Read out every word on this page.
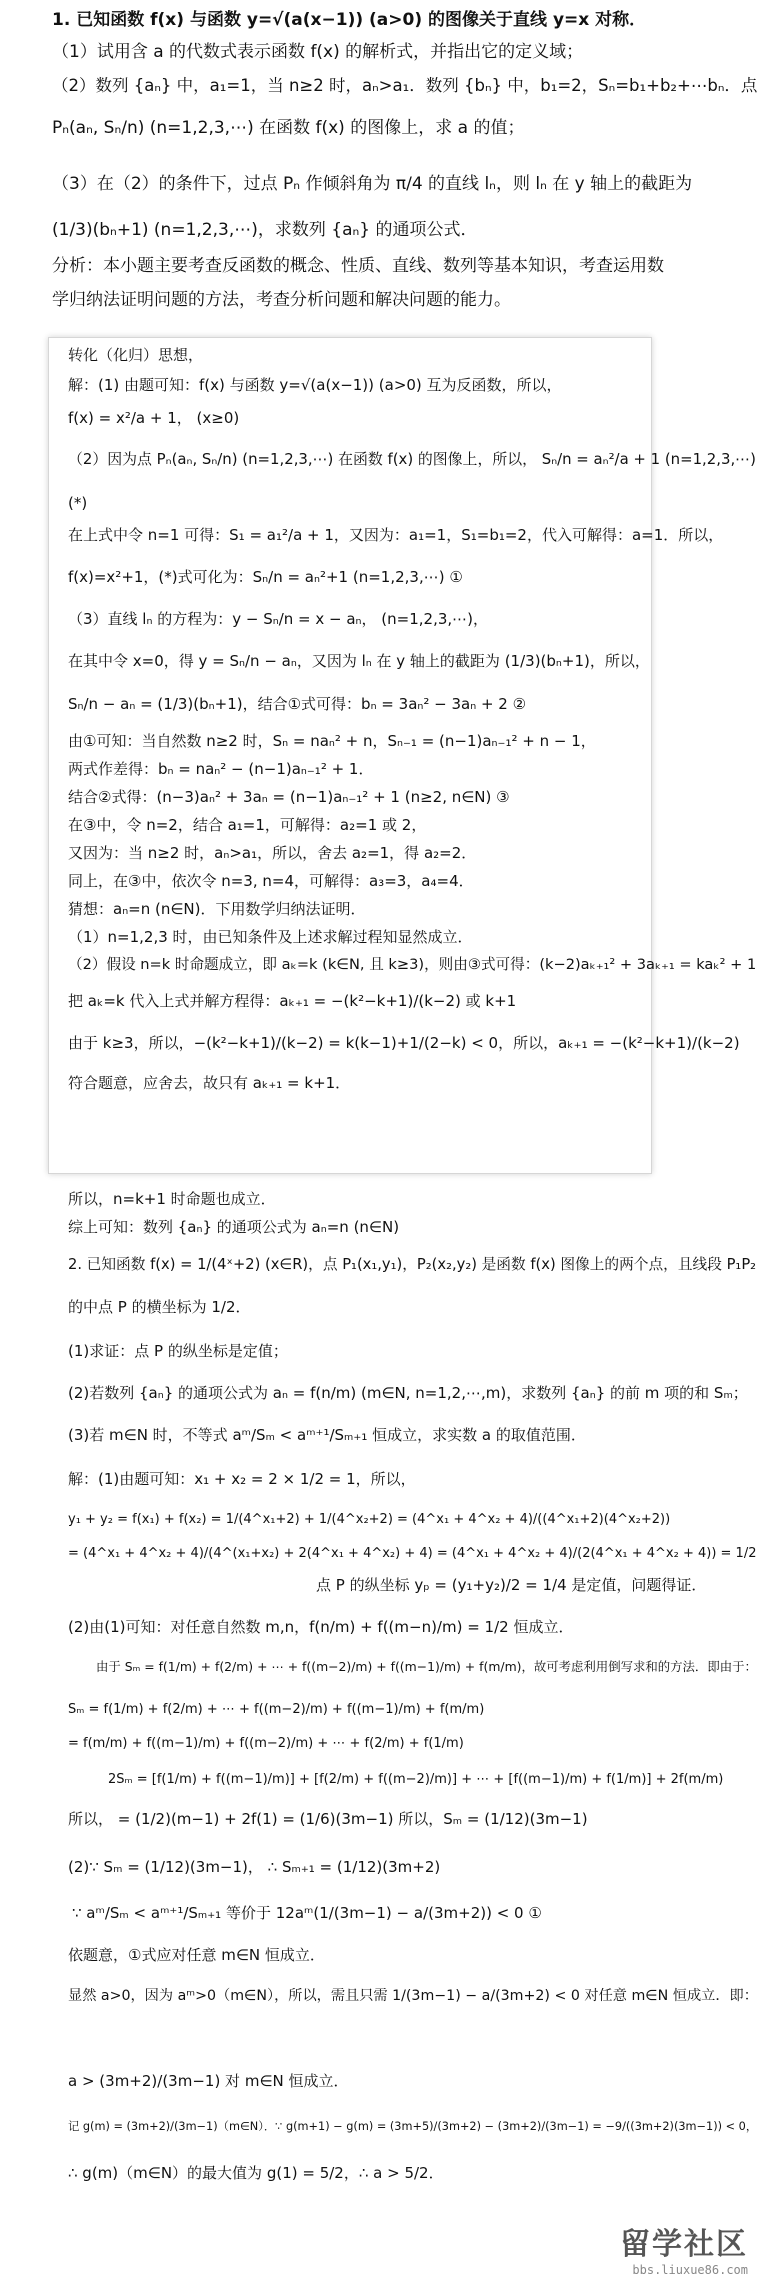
1. 已知函数 f(x) 与函数 y=√(a(x−1)) (a>0) 的图像关于直线 y=x 对称．
（1）试用含 a 的代数式表示函数 f(x) 的解析式，并指出它的定义域；
（2）数列 {aₙ} 中，a₁=1，当 n≥2 时，aₙ>a₁．数列 {bₙ} 中，b₁=2，Sₙ=b₁+b₂+⋯bₙ．点
Pₙ(aₙ, Sₙ/n) (n=1,2,3,⋯) 在函数 f(x) 的图像上，求 a 的值；
（3）在（2）的条件下，过点 Pₙ 作倾斜角为 π/4 的直线 lₙ，则 lₙ 在 y 轴上的截距为
(1/3)(bₙ+1) (n=1,2,3,⋯)，求数列 {aₙ} 的通项公式．
分析：本小题主要考查反函数的概念、性质、直线、数列等基本知识，考查运用数
学归纳法证明问题的方法，考查分析问题和解决问题的能力。
转化（化归）思想，
解：(1) 由题可知：f(x) 与函数 y=√(a(x−1)) (a>0) 互为反函数，所以，
f(x) = x²/a + 1， (x≥0)
（2）因为点 Pₙ(aₙ, Sₙ/n) (n=1,2,3,⋯) 在函数 f(x) 的图像上，所以， Sₙ/n = aₙ²/a + 1 (n=1,2,3,⋯)
(*)
在上式中令 n=1 可得：S₁ = a₁²/a + 1，又因为：a₁=1，S₁=b₁=2，代入可解得：a=1．所以，
f(x)=x²+1，(*)式可化为：Sₙ/n = aₙ²+1 (n=1,2,3,⋯) ①
（3）直线 lₙ 的方程为：y − Sₙ/n = x − aₙ， (n=1,2,3,⋯)，
在其中令 x=0，得 y = Sₙ/n − aₙ，又因为 lₙ 在 y 轴上的截距为 (1/3)(bₙ+1)，所以，
Sₙ/n − aₙ = (1/3)(bₙ+1)，结合①式可得：bₙ = 3aₙ² − 3aₙ + 2 ②
由①可知：当自然数 n≥2 时，Sₙ = naₙ² + n，Sₙ₋₁ = (n−1)aₙ₋₁² + n − 1，
两式作差得：bₙ = naₙ² − (n−1)aₙ₋₁² + 1．
结合②式得：(n−3)aₙ² + 3aₙ = (n−1)aₙ₋₁² + 1 (n≥2, n∈N) ③
在③中，令 n=2，结合 a₁=1，可解得：a₂=1 或 2，
又因为：当 n≥2 时，aₙ>a₁，所以，舍去 a₂=1，得 a₂=2．
同上，在③中，依次令 n=3, n=4，可解得：a₃=3，a₄=4．
猜想：aₙ=n (n∈N)．下用数学归纳法证明．
（1）n=1,2,3 时，由已知条件及上述求解过程知显然成立．
（2）假设 n=k 时命题成立，即 aₖ=k (k∈N, 且 k≥3)，则由③式可得：(k−2)aₖ₊₁² + 3aₖ₊₁ = kaₖ² + 1
把 aₖ=k 代入上式并解方程得：aₖ₊₁ = −(k²−k+1)/(k−2) 或 k+1
由于 k≥3，所以，−(k²−k+1)/(k−2) = k(k−1)+1/(2−k) < 0，所以，aₖ₊₁ = −(k²−k+1)/(k−2)
符合题意，应舍去，故只有 aₖ₊₁ = k+1．
所以，n=k+1 时命题也成立．
综上可知：数列 {aₙ} 的通项公式为 aₙ=n (n∈N)
2. 已知函数 f(x) = 1/(4ˣ+2) (x∈R)，点 P₁(x₁,y₁)，P₂(x₂,y₂) 是函数 f(x) 图像上的两个点，且线段 P₁P₂
的中点 P 的横坐标为 1/2．
(1)求证：点 P 的纵坐标是定值；
(2)若数列 {aₙ} 的通项公式为 aₙ = f(n/m) (m∈N, n=1,2,⋯,m)，求数列 {aₙ} 的前 m 项的和 Sₘ；
(3)若 m∈N 时，不等式 aᵐ/Sₘ < aᵐ⁺¹/Sₘ₊₁ 恒成立，求实数 a 的取值范围．
解：(1)由题可知：x₁ + x₂ = 2 × 1/2 = 1，所以，
y₁ + y₂ = f(x₁) + f(x₂) = 1/(4^x₁+2) + 1/(4^x₂+2) = (4^x₁ + 4^x₂ + 4)/((4^x₁+2)(4^x₂+2))
= (4^x₁ + 4^x₂ + 4)/(4^(x₁+x₂) + 2(4^x₁ + 4^x₂) + 4) = (4^x₁ + 4^x₂ + 4)/(2(4^x₁ + 4^x₂ + 4)) = 1/2
点 P 的纵坐标 yₚ = (y₁+y₂)/2 = 1/4 是定值，问题得证．
(2)由(1)可知：对任意自然数 m,n，f(n/m) + f((m−n)/m) = 1/2 恒成立．
由于 Sₘ = f(1/m) + f(2/m) + ⋯ + f((m−2)/m) + f((m−1)/m) + f(m/m)，故可考虑利用倒写求和的方法．即由于：
Sₘ = f(1/m) + f(2/m) + ⋯ + f((m−2)/m) + f((m−1)/m) + f(m/m)
= f(m/m) + f((m−1)/m) + f((m−2)/m) + ⋯ + f(2/m) + f(1/m)
2Sₘ = [f(1/m) + f((m−1)/m)] + [f(2/m) + f((m−2)/m)] + ⋯ + [f((m−1)/m) + f(1/m)] + 2f(m/m)
所以， = (1/2)(m−1) + 2f(1) = (1/6)(3m−1) 所以，Sₘ = (1/12)(3m−1)
(2)∵ Sₘ = (1/12)(3m−1)， ∴ Sₘ₊₁ = (1/12)(3m+2)
∵ aᵐ/Sₘ < aᵐ⁺¹/Sₘ₊₁ 等价于 12aᵐ(1/(3m−1) − a/(3m+2)) < 0 ①
依题意，①式应对任意 m∈N 恒成立．
显然 a>0，因为 aᵐ>0（m∈N），所以，需且只需 1/(3m−1) − a/(3m+2) < 0 对任意 m∈N 恒成立．即：
a > (3m+2)/(3m−1) 对 m∈N 恒成立．
记 g(m) = (3m+2)/(3m−1)（m∈N）．∵ g(m+1) − g(m) = (3m+5)/(3m+2) − (3m+2)/(3m−1) = −9/((3m+2)(3m−1)) < 0，
∴ g(m)（m∈N）的最大值为 g(1) = 5/2，∴ a > 5/2．
留学社区
bbs.liuxue86.com
